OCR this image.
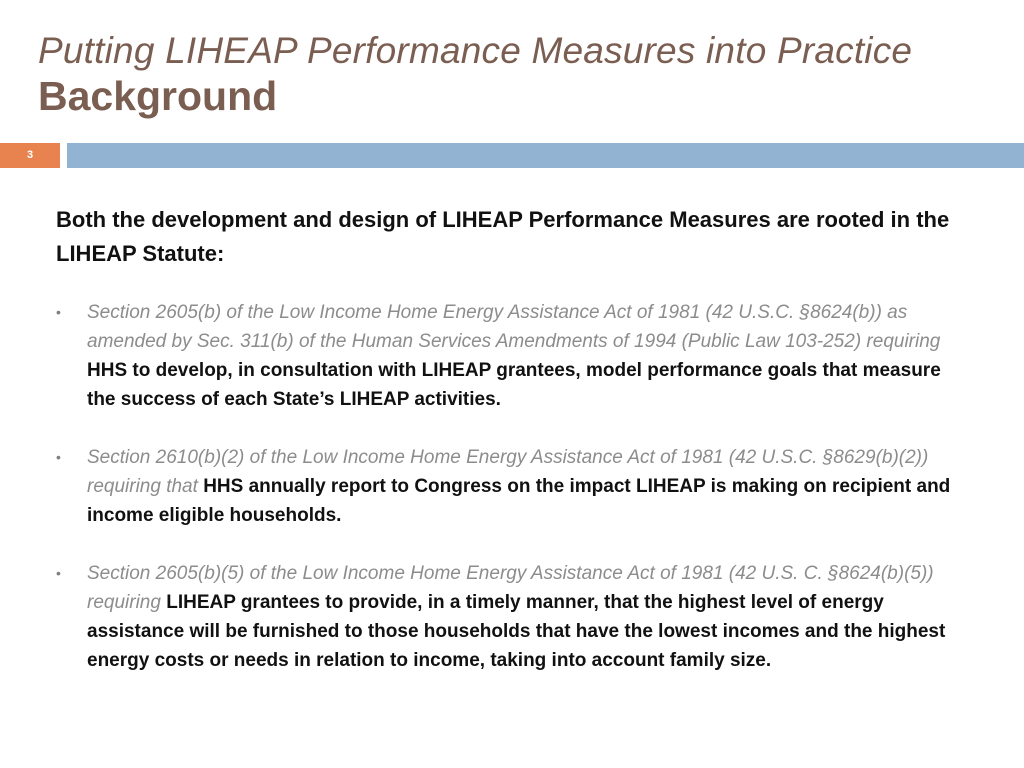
Putting LIHEAP Performance Measures into Practice
Background
3
Both the development and design of LIHEAP Performance Measures are rooted in the LIHEAP Statute:
• Section 2605(b) of the Low Income Home Energy Assistance Act of 1981 (42 U.S.C. §8624(b)) as amended by Sec. 311(b) of the Human Services Amendments of 1994 (Public Law 103-252) requiring HHS to develop, in consultation with LIHEAP grantees, model performance goals that measure the success of each State’s LIHEAP activities.
• Section 2610(b)(2) of the Low Income Home Energy Assistance Act of 1981 (42 U.S.C. §8629(b)(2)) requiring that HHS annually report to Congress on the impact LIHEAP is making on recipient and income eligible households.
• Section 2605(b)(5) of the Low Income Home Energy Assistance Act of 1981 (42 U.S. C. §8624(b)(5)) requiring LIHEAP grantees to provide, in a timely manner, that the highest level of energy assistance will be furnished to those households that have the lowest incomes and the highest energy costs or needs in relation to income, taking into account family size.
